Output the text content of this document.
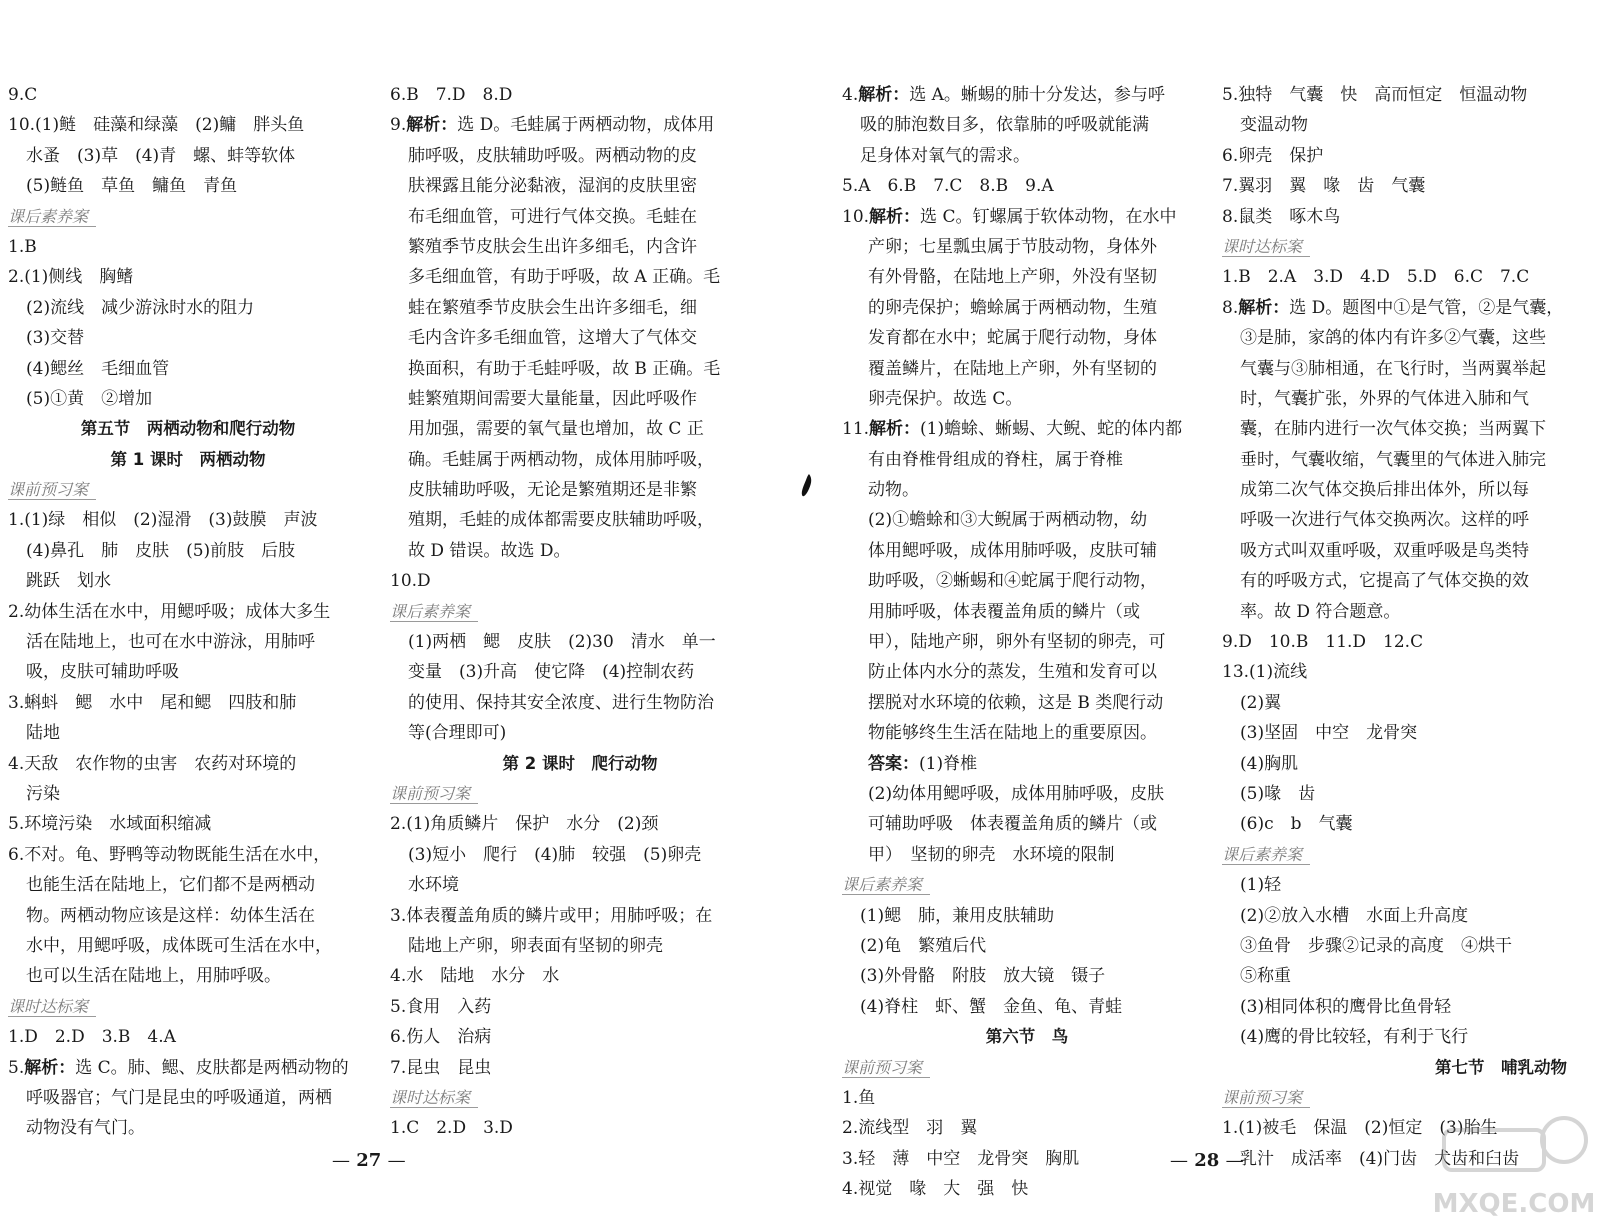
9.C
10.(1)鲢　硅藻和绿藻　(2)鳙　胖头鱼
水蚤　(3)草　(4)青　螺、蚌等软体
(5)鲢鱼　草鱼　鳙鱼　青鱼
课后素养案
1.B
2.(1)侧线　胸鳍
(2)流线　减少游泳时水的阻力
(3)交替
(4)鳃丝　毛细血管
(5)①黄　②增加
第五节　两栖动物和爬行动物
第 1 课时　两栖动物
课前预习案
1.(1)绿　相似　(2)湿滑　(3)鼓膜　声波
(4)鼻孔　肺　皮肤　(5)前肢　后肢
跳跃　划水
2.幼体生活在水中，用鳃呼吸；成体大多生
活在陆地上，也可在水中游泳，用肺呼
吸，皮肤可辅助呼吸
3.蝌蚪　鳃　水中　尾和鳃　四肢和肺
陆地
4.天敌　农作物的虫害　农药对环境的
污染
5.环境污染　水域面积缩减
6.不对。龟、野鸭等动物既能生活在水中，
也能生活在陆地上，它们都不是两栖动
物。两栖动物应该是这样：幼体生活在
水中，用鳃呼吸，成体既可生活在水中，
也可以生活在陆地上，用肺呼吸。
课时达标案
1.D　2.D　3.B　4.A
5.解析：选 C。肺、鳃、皮肤都是两栖动物的
呼吸器官；气门是昆虫的呼吸通道，两栖
动物没有气门。
6.B　7.D　8.D
9.解析：选 D。毛蛙属于两栖动物，成体用
肺呼吸，皮肤辅助呼吸。两栖动物的皮
肤裸露且能分泌黏液，湿润的皮肤里密
布毛细血管，可进行气体交换。毛蛙在
繁殖季节皮肤会生出许多细毛，内含许
多毛细血管，有助于呼吸，故 A 正确。毛
蛙在繁殖季节皮肤会生出许多细毛，细
毛内含许多毛细血管，这增大了气体交
换面积，有助于毛蛙呼吸，故 B 正确。毛
蛙繁殖期间需要大量能量，因此呼吸作
用加强，需要的氧气量也增加，故 C 正
确。毛蛙属于两栖动物，成体用肺呼吸，
皮肤辅助呼吸，无论是繁殖期还是非繁
殖期，毛蛙的成体都需要皮肤辅助呼吸，
故 D 错误。故选 D。
10.D
课后素养案
(1)两栖　鳃　皮肤　(2)30　清水　单一
变量　(3)升高　使它降　(4)控制农药
的使用、保持其安全浓度、进行生物防治
等(合理即可)
第 2 课时　爬行动物
课前预习案
2.(1)角质鳞片　保护　水分　(2)颈
(3)短小　爬行　(4)肺　较强　(5)卵壳
水环境
3.体表覆盖角质的鳞片或甲；用肺呼吸；在
陆地上产卵，卵表面有坚韧的卵壳
4.水　陆地　水分　水
5.食用　入药
6.伤人　治病
7.昆虫　昆虫
课时达标案
1.C　2.D　3.D
4.解析：选 A。蜥蜴的肺十分发达，参与呼
吸的肺泡数目多，依靠肺的呼吸就能满
足身体对氧气的需求。
5.A　6.B　7.C　8.B　9.A
10.解析：选 C。钉螺属于软体动物，在水中
产卵；七星瓢虫属于节肢动物，身体外
有外骨骼，在陆地上产卵，外没有坚韧
的卵壳保护；蟾蜍属于两栖动物，生殖
发育都在水中；蛇属于爬行动物，身体
覆盖鳞片，在陆地上产卵，外有坚韧的
卵壳保护。故选 C。
11.解析：(1)蟾蜍、蜥蜴、大鲵、蛇的体内都
有由脊椎骨组成的脊柱，属于脊椎
动物。
(2)①蟾蜍和③大鲵属于两栖动物，幼
体用鳃呼吸，成体用肺呼吸，皮肤可辅
助呼吸，②蜥蜴和④蛇属于爬行动物，
用肺呼吸，体表覆盖角质的鳞片（或
甲），陆地产卵，卵外有坚韧的卵壳，可
防止体内水分的蒸发，生殖和发育可以
摆脱对水环境的依赖，这是 B 类爬行动
物能够终生生活在陆地上的重要原因。
答案：(1)脊椎
(2)幼体用鳃呼吸，成体用肺呼吸，皮肤
可辅助呼吸　体表覆盖角质的鳞片（或
甲）　坚韧的卵壳　水环境的限制
课后素养案
(1)鳃　肺，兼用皮肤辅助
(2)龟　繁殖后代
(3)外骨骼　附肢　放大镜　镊子
(4)脊柱　虾、蟹　金鱼、龟、青蛙
第六节　鸟
课前预习案
1.鱼
2.流线型　羽　翼
3.轻　薄　中空　龙骨突　胸肌
4.视觉　喙　大　强　快
5.独特　气囊　快　高而恒定　恒温动物
变温动物
6.卵壳　保护
7.翼羽　翼　喙　齿　气囊
8.鼠类　啄木鸟
课时达标案
1.B　2.A　3.D　4.D　5.D　6.C　7.C
8.解析：选 D。题图中①是气管，②是气囊，
③是肺，家鸽的体内有许多②气囊，这些
气囊与③肺相通，在飞行时，当两翼举起
时，气囊扩张，外界的气体进入肺和气
囊，在肺内进行一次气体交换；当两翼下
垂时，气囊收缩，气囊里的气体进入肺完
成第二次气体交换后排出体外，所以每
呼吸一次进行气体交换两次。这样的呼
吸方式叫双重呼吸，双重呼吸是鸟类特
有的呼吸方式，它提高了气体交换的效
率。故 D 符合题意。
9.D　10.B　11.D　12.C
13.(1)流线
(2)翼
(3)坚固　中空　龙骨突
(4)胸肌
(5)喙　齿
(6)c　b　气囊
课后素养案
(1)轻
(2)②放入水槽　水面上升高度
③鱼骨　步骤②记录的高度　④烘干
⑤称重
(3)相同体积的鹰骨比鱼骨轻
(4)鹰的骨比较轻，有利于飞行
第七节　哺乳动物
课前预习案
1.(1)被毛　保温　(2)恒定　(3)胎生
乳汁　成活率　(4)门齿　犬齿和臼齿
— 27 —	— 28 —
MXQE.COM
